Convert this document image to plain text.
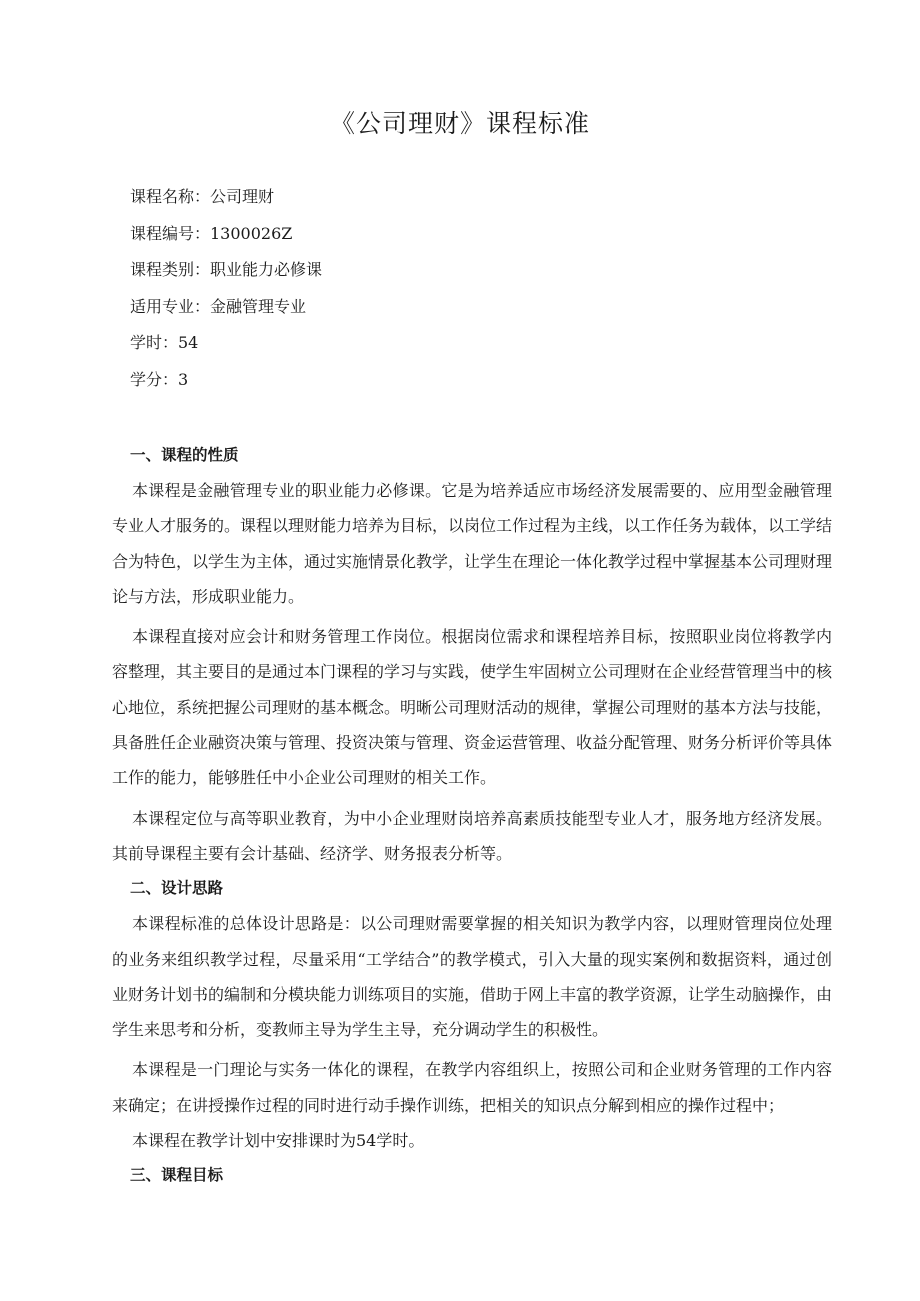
《公司理财》课程标准
课程名称：公司理财
课程编号：1300026Z
课程类别：职业能力必修课
适用专业：金融管理专业
学时：54
学分：3
一、课程的性质

本课程是金融管理专业的职业能力必修课。它是为培养适应市场经济发展需要的、应用型金融管理专业人才服务的。课程以理财能力培养为目标，以岗位工作过程为主线，以工作任务为载体，以工学结合为特色，以学生为主体，通过实施情景化教学，让学生在理论一体化教学过程中掌握基本公司理财理论与方法，形成职业能力。

本课程直接对应会计和财务管理工作岗位。根据岗位需求和课程培养目标，按照职业岗位将教学内容整理，其主要目的是通过本门课程的学习与实践，使学生牢固树立公司理财在企业经营管理当中的核心地位，系统把握公司理财的基本概念。明晰公司理财活动的规律，掌握公司理财的基本方法与技能，具备胜任企业融资决策与管理、投资决策与管理、资金运营管理、收益分配管理、财务分析评价等具体工作的能力，能够胜任中小企业公司理财的相关工作。

本课程定位与高等职业教育，为中小企业理财岗培养高素质技能型专业人才，服务地方经济发展。其前导课程主要有会计基础、经济学、财务报表分析等。

二、设计思路

本课程标准的总体设计思路是：以公司理财需要掌握的相关知识为教学内容，以理财管理岗位处理的业务来组织教学过程，尽量采用“工学结合”的教学模式，引入大量的现实案例和数据资料，通过创业财务计划书的编制和分模块能力训练项目的实施，借助于网上丰富的教学资源，让学生动脑操作，由学生来思考和分析，变教师主导为学生主导，充分调动学生的积极性。

本课程是一门理论与实务一体化的课程，在教学内容组织上，按照公司和企业财务管理的工作内容来确定；在讲授操作过程的同时进行动手操作训练，把相关的知识点分解到相应的操作过程中；

本课程在教学计划中安排课时为54学时。

三、课程目标
